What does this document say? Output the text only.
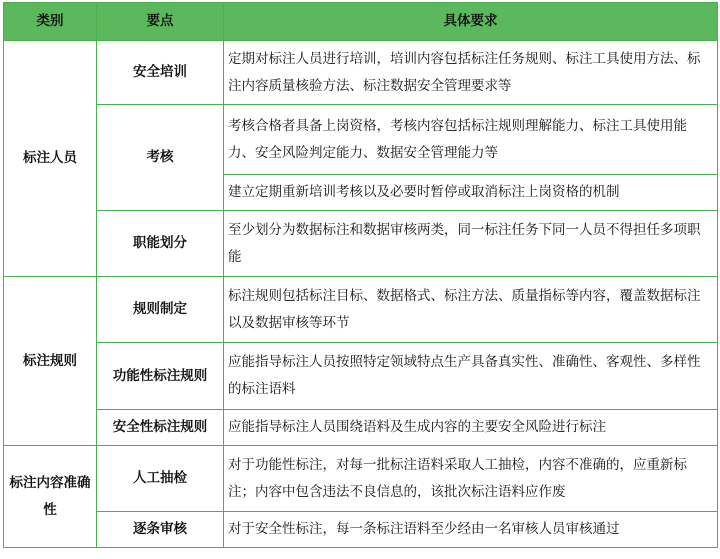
类别	要点	具体要求
标注人员	安全培训	定期对标注人员进行培训，培训内容包括标注任务规则、标注工具使用方法、标注内容质量核验方法、标注数据安全管理要求等
	考核	考核合格者具备上岗资格，考核内容包括标注规则理解能力、标注工具使用能力、安全风险判定能力、数据安全管理能力等
		建立定期重新培训考核以及必要时暂停或取消标注上岗资格的机制
	职能划分	至少划分为数据标注和数据审核两类，同一标注任务下同一人员不得担任多项职能
标注规则	规则制定	标注规则包括标注目标、数据格式、标注方法、质量指标等内容，覆盖数据标注以及数据审核等环节
	功能性标注规则	应能指导标注人员按照特定领域特点生产具备真实性、准确性、客观性、多样性的标注语料
	安全性标注规则	应能指导标注人员围绕语料及生成内容的主要安全风险进行标注
标注内容准确性	人工抽检	对于功能性标注，对每一批标注语料采取人工抽检，内容不准确的，应重新标注；内容中包含违法不良信息的，该批次标注语料应作废
	逐条审核	对于安全性标注，每一条标注语料至少经由一名审核人员审核通过
